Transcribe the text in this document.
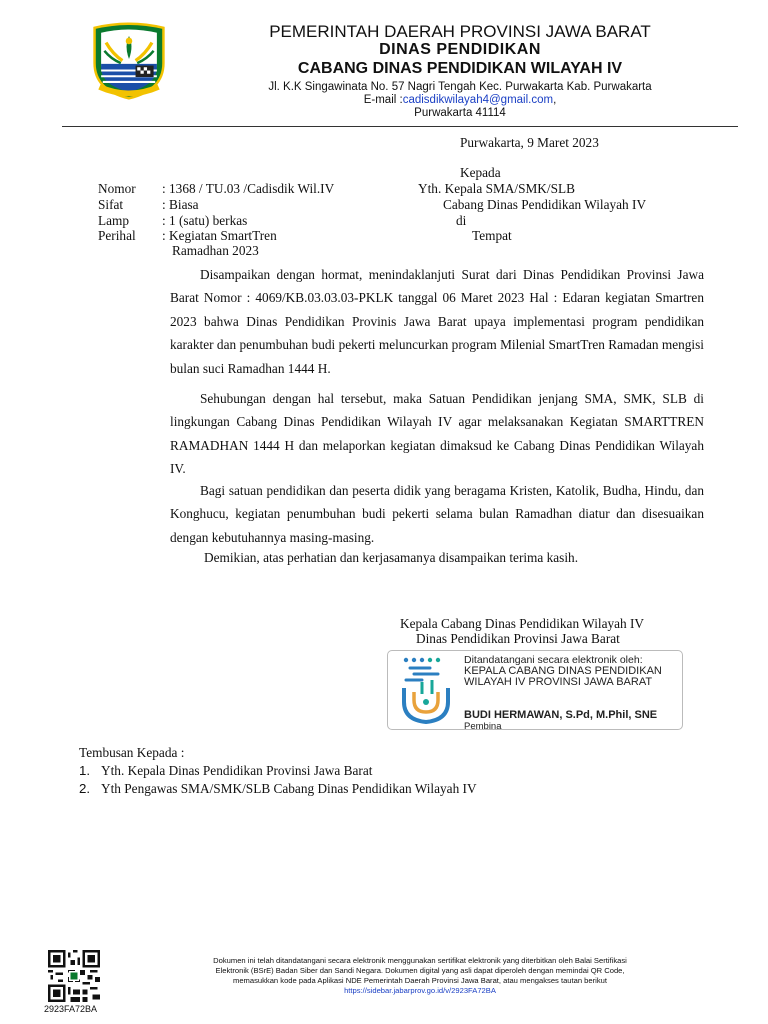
PEMERINTAH DAERAH PROVINSI JAWA BARAT
DINAS PENDIDIKAN
CABANG DINAS PENDIDIKAN WILAYAH IV
Jl. K.K Singawinata No. 57 Nagri Tengah Kec. Purwakarta Kab. Purwakarta
E-mail :cadisdikwilayah4@gmail.com,
Purwakarta 41114
Purwakarta, 9 Maret 2023
Kepada
Yth. Kepala SMA/SMK/SLB
Cabang Dinas Pendidikan Wilayah IV
di
Tempat
Nomor : 1368 / TU.03 /Cadisdik Wil.IV
Sifat	: Biasa
Lamp : 1 (satu) berkas
Perihal : Kegiatan SmartTren
Ramadhan 2023
Disampaikan dengan hormat, menindaklanjuti Surat dari Dinas Pendidikan Provinsi Jawa Barat Nomor : 4069/KB.03.03.03-PKLK tanggal 06 Maret 2023 Hal : Edaran kegiatan Smartren 2023 bahwa Dinas Pendidikan Provinis Jawa Barat upaya implementasi program pendidikan karakter dan penumbuhan budi pekerti meluncurkan program Milenial SmartTren Ramadan mengisi bulan suci Ramadhan 1444 H.
Sehubungan dengan hal tersebut, maka Satuan Pendidikan jenjang SMA, SMK, SLB di lingkungan Cabang Dinas Pendidikan Wilayah IV agar melaksanakan Kegiatan SMARTTREN RAMADHAN 1444 H dan melaporkan kegiatan dimaksud ke Cabang Dinas Pendidikan Wilayah IV.
Bagi satuan pendidikan dan peserta didik yang beragama Kristen, Katolik, Budha, Hindu, dan Konghucu, kegiatan penumbuhan budi pekerti selama bulan Ramadhan diatur dan disesuaikan dengan kebutuhannya masing-masing.
Demikian, atas perhatian dan kerjasamanya disampaikan terima kasih.
Kepala Cabang Dinas Pendidikan Wilayah IV
Dinas Pendidikan Provinsi Jawa Barat
Ditandatangani secara elektronik oleh:
KEPALA CABANG DINAS PENDIDIKAN
WILAYAH IV PROVINSI JAWA BARAT
BUDI HERMAWAN, S.Pd, M.Phil, SNE
Pembina
Tembusan Kepada :
1. Yth. Kepala Dinas Pendidikan Provinsi Jawa Barat
2. Yth Pengawas SMA/SMK/SLB Cabang Dinas Pendidikan Wilayah IV
2923FA72BA
Dokumen ini telah ditandatangani secara elektronik menggunakan sertifikat elektronik yang diterbitkan oleh Balai Sertifikasi
Elektronik (BSrE) Badan Siber dan Sandi Negara. Dokumen digital yang asli dapat diperoleh dengan memindai QR Code,
memasukkan kode pada Aplikasi NDE Pemerintah Daerah Provinsi Jawa Barat, atau mengakses tautan berikut
https://sidebar.jabarprov.go.id/v/2923FA72BA
